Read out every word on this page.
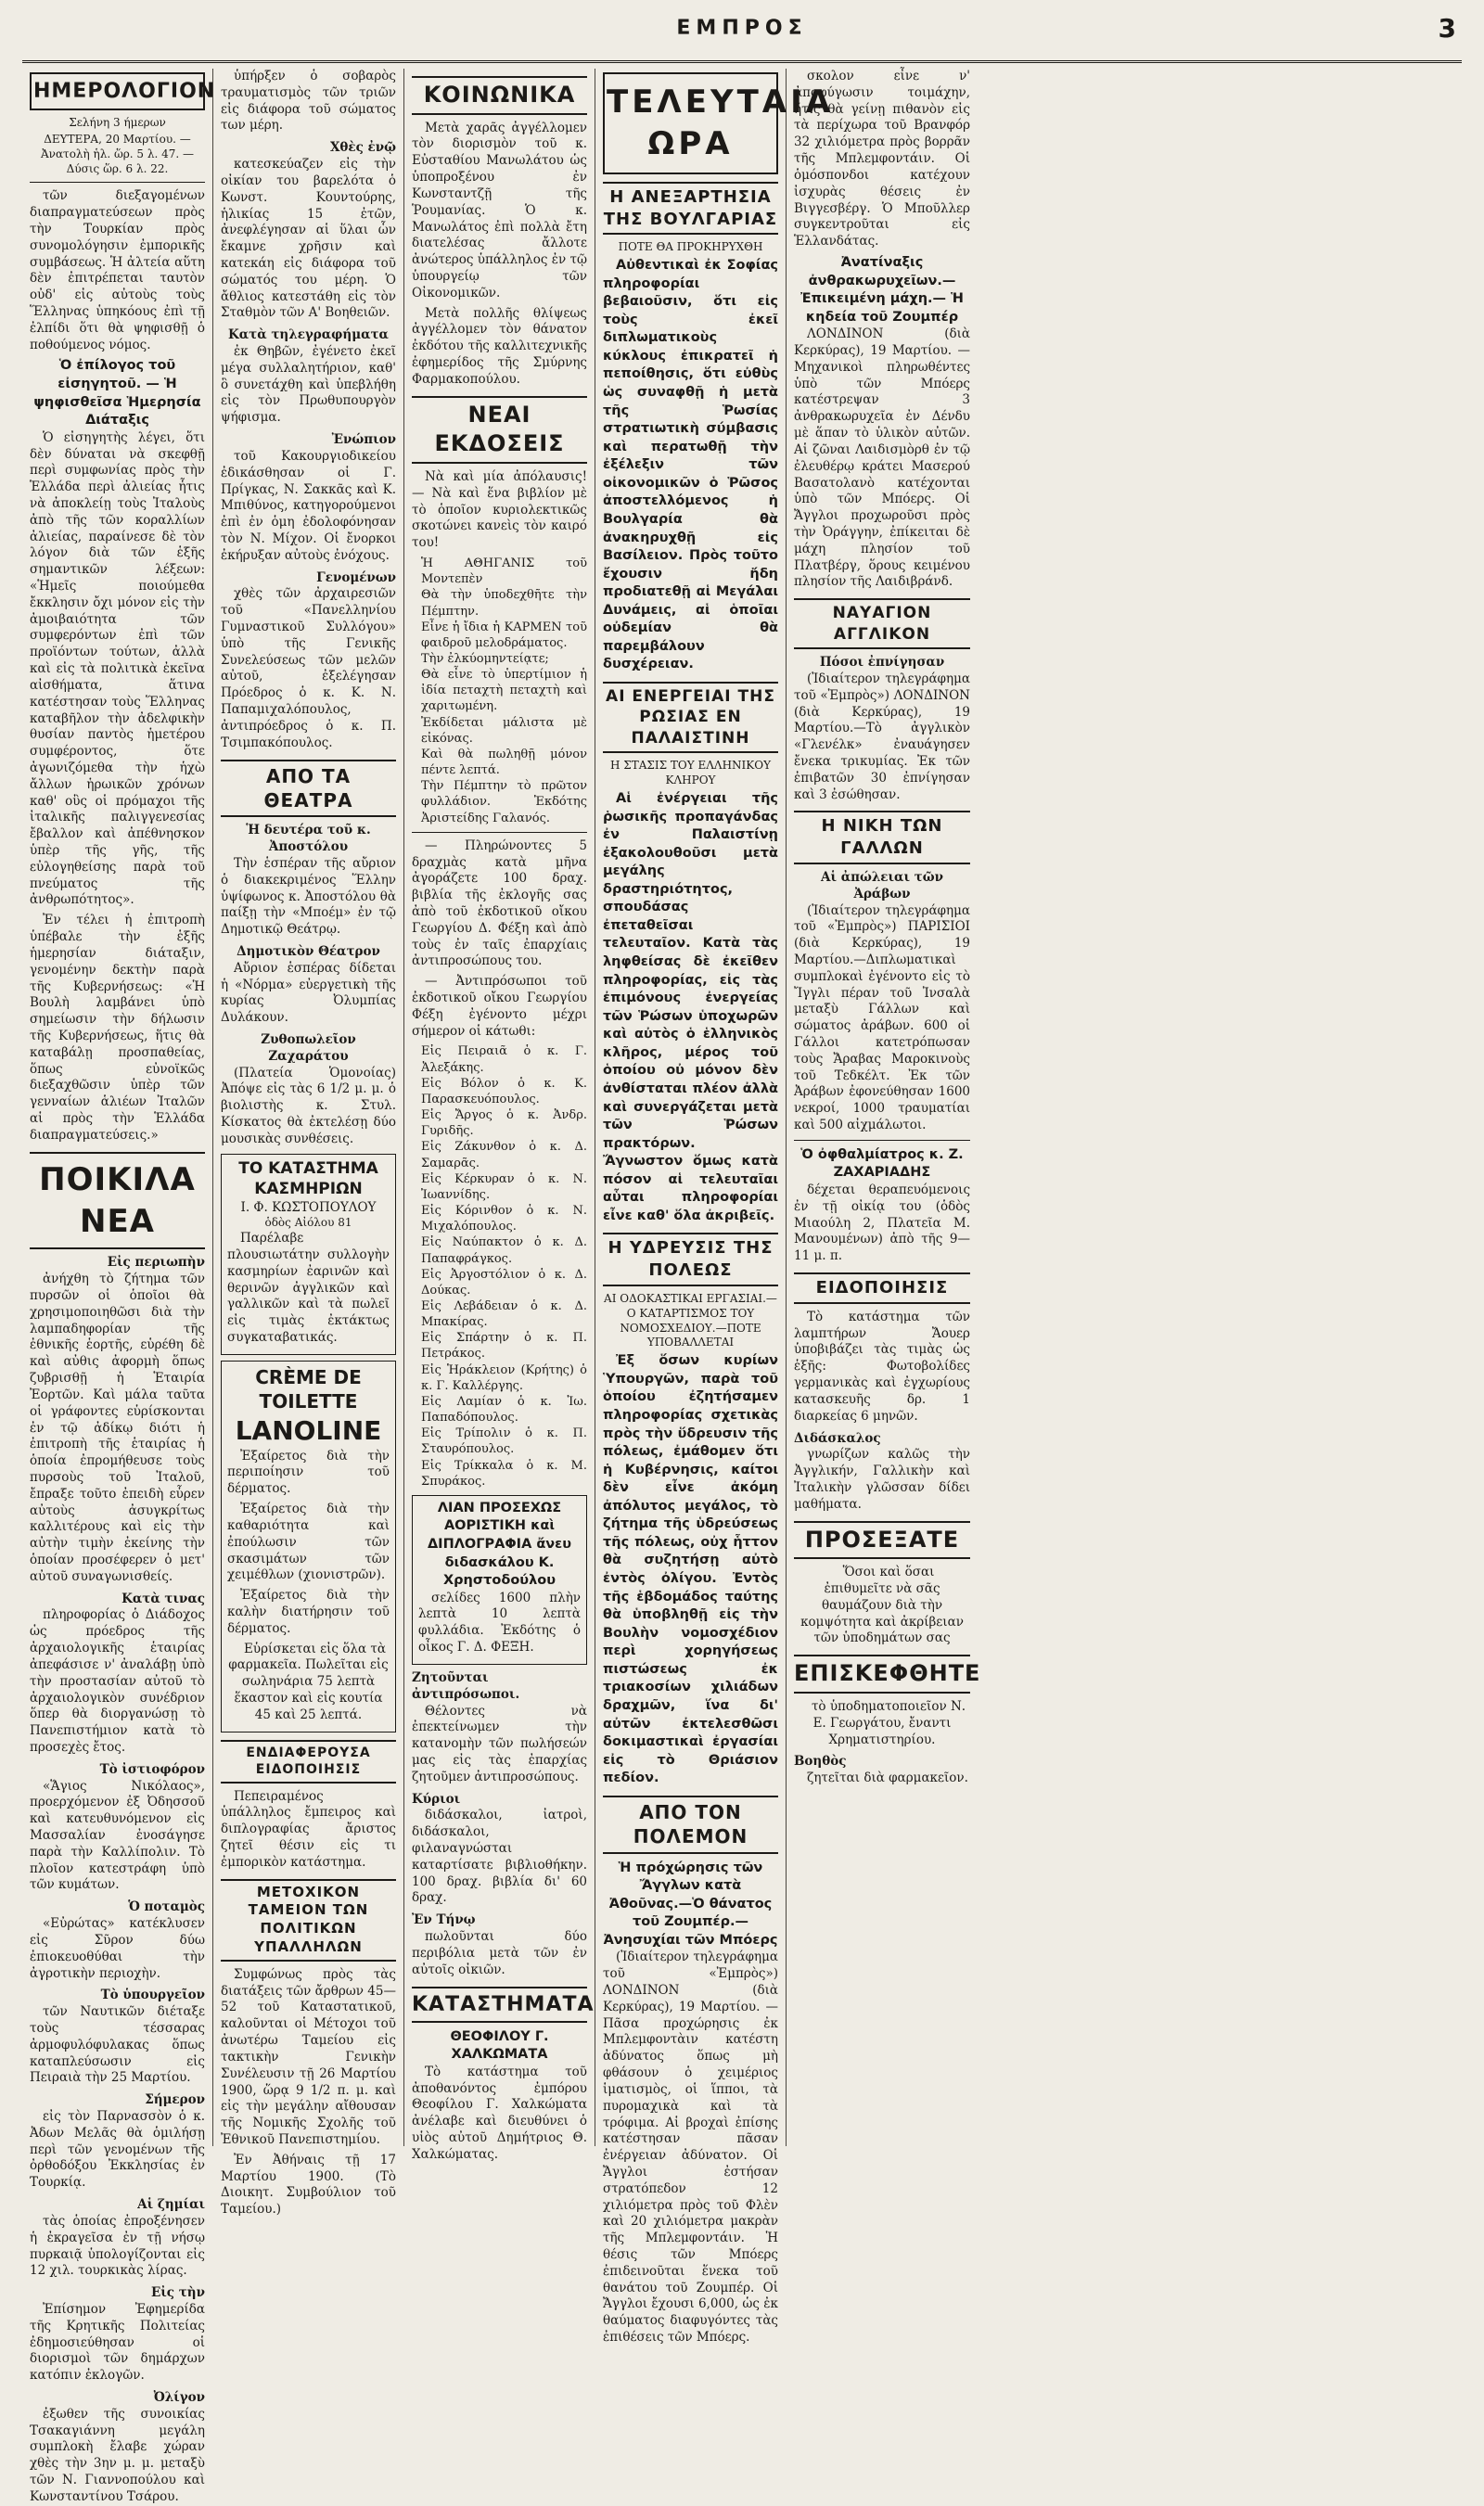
ΕΜΠΡΟΣ	3
ΗΜΕΡΟΛΟΓΙΟΝ
Σελήνη 3 ήμερων
ΔΕΥΤΕΡΑ, 20 Μαρτίου. — Ἀνατολὴ ἡλ. ὥρ. 5 λ. 47. — Δύσις ὥρ. 6 λ. 22.

τῶν διεξαγομένων διαπραγματεύσεων πρὸς τὴν Τουρκίαν πρὸς συνομολόγησιν ἐμπορικῆς συμβάσεως. Ἡ ἀλτεία αὕτη δὲν ἐπιτρέπεται ταυτὸν οὐδ' εἰς αὐτοὺς τοὺς Ἕλληνας ὑπηκόους ἐπὶ τῇ ἐλπίδι ὅτι θὰ ψηφισθῇ ὁ ποθούμενος νόμος.

Ὁ ἐπίλογος τοῦ εἰσηγητοῦ. — Ἡ ψηφισθεῖσα Ἡμερησία Διάταξις

Ὁ εἰσηγητὴς λέγει, ὅτι δὲν δύναται νὰ σκεφθῇ περὶ συμφωνίας πρὸς τὴν Ἑλλάδα περὶ ἀλιείας ἧτις νὰ ἀποκλείῃ τοὺς Ἰταλοὺς ἀπὸ τῆς τῶν κοραλλίων ἀλιείας, παραίνεσε δὲ τὸν λόγον διὰ τῶν ἑξῆς σημαντικῶν λέξεων: «Ἡμεῖς ποιούμεθα ἔκκλησιν ὄχι μόνον εἰς τὴν ἀμοιβαιότητα τῶν συμφερόντων ἐπὶ τῶν προϊόντων τούτων, ἀλλὰ καὶ εἰς τὰ πολιτικὰ ἐκεῖνα αἰσθήματα, ἅτινα κατέστησαν τοὺς Ἕλληνας καταβῆλον τὴν ἀδελφικὴν θυσίαν παντὸς ἡμετέρου συμφέροντος, ὅτε ἀγωνιζόμεθα τὴν ἡχὼ ἄλλων ἡρωικῶν χρόνων καθ' οὓς οἱ πρόμαχοι τῆς ἰταλικῆς παλιγγενεσίας ἔβαλλον καὶ ἀπέθνησκον ὑπὲρ τῆς γῆς, τῆς εὐλογηθείσης παρὰ τοῦ πνεύματος τῆς ἀνθρωπότητος».

Ἐν τέλει ἡ ἐπιτροπὴ ὑπέβαλε τὴν ἑξῆς ἡμερησίαν διάταξιν, γενομένην δεκτὴν παρὰ τῆς Κυβερνήσεως: «Ἡ Βουλὴ λαμβάνει ὑπὸ σημείωσιν τὴν δήλωσιν τῆς Κυβερνήσεως, ἥτις θὰ καταβάλῃ προσπαθείας, ὅπως εὐνοϊκῶς διεξαχθῶσιν ὑπὲρ τῶν γενναίων ἁλιέων Ἰταλῶν αἱ πρὸς τὴν Ἑλλάδα διαπραγματεύσεις.»

ΠΟΙΚΙΛΑ ΝΕΑ
Εἰς περιωπὴν

ἀνήχθη τὸ ζήτημα τῶν πυρσῶν οἱ ὁποῖοι θὰ χρησιμοποιηθῶσι διὰ τὴν λαμπαδηφορίαν τῆς ἐθνικῆς ἑορτῆς, εὑρέθη δὲ καὶ αὐθις ἀφορμὴ ὅπως ζυβρισθῇ ἡ Ἑταιρία Ἐορτῶν. Καὶ μάλα ταῦτα οἱ γράφοντες εὑρίσκονται ἐν τῷ ἀδίκῳ διότι ἡ ἐπιτροπὴ τῆς ἑταιρίας ἡ ὁποία ἐπρομήθευσε τοὺς πυρσοὺς τοῦ Ἰταλοῦ, ἔπραξε τοῦτο ἐπειδὴ εὗρεν αὐτοὺς ἀσυγκρίτως καλλιτέρους καὶ εἰς τὴν αὐτὴν τιμὴν ἐκείνης τὴν ὁποίαν προσέφερεν ὁ μετ' αὐτοῦ συναγωνισθείς.

Κατὰ τινας

πληροφορίας ὁ Διάδοχος ὡς πρόεδρος τῆς ἀρχαιολογικῆς ἑταιρίας ἀπεφάσισε ν' ἀναλάβῃ ὑπὸ τὴν προστασίαν αὐτοῦ τὸ ἀρχαιολογικὸν συνέδριον ὅπερ θὰ διοργανώσῃ τὸ Πανεπιστήμιον κατὰ τὸ προσεχὲς ἔτος.

Τὸ ἰστιοφόρον

«Ἅγιος Νικόλαος», προερχόμενον ἐξ Ὀδησσοῦ καὶ κατευθυνόμενον εἰς Μασσαλίαν ἐνοσάγησε παρὰ τὴν Καλλίπολιν. Τὸ πλοῖον κατεστράφη ὑπὸ τῶν κυμάτων.

Ὁ ποταμὸς

«Εὐρώτας» κατέκλυσεν εἰς Σῦρον δύω ἐπιοκευοθύθαι τὴν ἀγροτικὴν περιοχὴν.

Τὸ ὑπουργεῖον

τῶν Ναυτικῶν διέταξε τοὺς τέσσαρας ἀρμοφυλόφυλακας ὅπως καταπλεύσωσιν εἰς Πειραιὰ τὴν 25 Μαρτίου.

Σήμερον

εἰς τὸν Παρνασσὸν ὁ κ. Ἀδων Μελᾶς θὰ ὁμιλήσῃ περὶ τῶν γενομένων τῆς ὀρθοδόξου Ἐκκλησίας ἐν Τουρκίᾳ.

Αἱ ζημίαι

τὰς ὁποίας ἐπροξένησεν ἡ ἐκραγεῖσα ἐν τῇ νήσῳ πυρκαιᾷ ὑπολογίζονται εἰς 12 χιλ. τουρκικὰς λίρας.

Εἰς τὴν

Ἐπίσημον Ἐφημερίδα τῆς Κρητικῆς Πολιτείας ἐδημοσιεύθησαν οἱ διορισμοὶ τῶν δημάρχων κατόπιν ἐκλογῶν.

Ὀλίγον

ἐξωθεν τῆς συνοικίας Τσακαγιάννη μεγάλη συμπλοκὴ ἔλαβε χώραν χθὲς τὴν 3ην μ. μ. μεταξὺ τῶν Ν. Γιαννοπούλου καὶ Κωνσταντίνου Τσάρου.

ὑπήρξεν ὁ σοβαρὸς τραυματισμὸς τῶν τριῶν εἰς διάφορα τοῦ σώματος των μέρη.

Χθὲς ἐνῷ

κατεσκεύαζεν εἰς τὴν οἰκίαν του βαρελότα ὁ Κωνστ. Κουντούρης, ἡλικίας 15 ἐτῶν, ἀνεφλέγησαν αἱ ὕλαι ὧν ἔκαμνε χρῆσιν καὶ κατεκάη εἰς διάφορα τοῦ σώματός του μέρη. Ὁ ἄθλιος κατεστάθη εἰς τὸν Σταθμὸν τῶν Α' Βοηθειῶν.

Κατὰ τηλεγραφήματα

ἐκ Θηβῶν, ἐγένετο ἐκεῖ μέγα συλλαλητήριον, καθ' ὃ συνετάχθη καὶ ὑπεβλήθη εἰς τὸν Πρωθυπουργὸν ψήφισμα.

Ἐνώπιον

τοῦ Κακουργιοδικείου ἐδικάσθησαν οἱ Γ. Πρίγκας, Ν. Σακκᾶς καὶ Κ. Μπιθύνος, κατηγορούμενοι ἐπὶ ἐν ὁμη ἐδολοφόνησαν τὸν Ν. Μίχον. Οἱ ἔνορκοι ἐκήρυξαν αὐτοὺς ἐνόχους.

Γενομένων

χθὲς τῶν ἀρχαιρεσιῶν τοῦ «Πανελληνίου Γυμναστικοῦ Συλλόγου» ὑπὸ τῆς Γενικῆς Συνελεύσεως τῶν μελῶν αὐτοῦ, ἐξελέγησαν Πρόεδρος ὁ κ. Κ. Ν. Παπαμιχαλόπουλος, ἀντιπρόεδρος ὁ κ. Π. Τσιμπακόπουλος.

ΑΠΟ ΤΑ ΘΕΑΤΡΑ
Ἡ δευτέρα τοῦ κ. Ἀποστόλου

Τὴν ἑσπέραν τῆς αὔριον ὁ διακεκριμένος Ἕλλην ὑψίφωνος κ. Ἀποστόλου θὰ παίξῃ τὴν «Μποέμ» ἐν τῷ Δημοτικῷ Θεάτρῳ.

Δημοτικὸν Θέατρον

Αὔριον ἑσπέρας δίδεται ἡ «Νόρμα» εὐεργετικὴ τῆς κυρίας Ὀλυμπίας Δυλάκουν.

Ζυθοπωλεῖον Ζαχαράτου

(Πλατεία Ὁμονοίας) Ἀπόψε εἰς τὰς 6 1/2 μ. μ. ὁ βιολιστὴς κ. Στυλ. Κίσκατος θὰ ἐκτελέσῃ δύο μουσικὰς συνθέσεις.

ΤΟ ΚΑΤΑΣΤΗΜΑ ΚΑΣΜΗΡΙΩΝ
Ι. Φ. ΚΩΣΤΟΠΟΥΛΟΥ
ὁδὸς Αἰόλου 81

Παρέλαβε πλουσιωτάτην συλλογὴν κασμηρίων ἐαρινῶν καὶ θερινῶν ἀγγλικῶν καὶ γαλλικῶν καὶ τὰ πωλεῖ εἰς τιμὰς ἐκτάκτως συγκαταβατικάς.

CRÈME DE TOILETTE
LANOLINE

Ἐξαίρετος διὰ τὴν περιποίησιν τοῦ δέρματος.

Ἐξαίρετος διὰ τὴν καθαριότητα καὶ ἐπούλωσιν τῶν σκασιμάτων τῶν χειμέθλων (χιονιστρῶν).

Ἐξαίρετος διὰ τὴν καλὴν διατήρησιν τοῦ δέρματος.

Εὑρίσκεται εἰς ὅλα τὰ φαρμακεῖα. Πωλεῖται εἰς σωληνάρια 75 λεπτὰ ἕκαστον καὶ εἰς κουτία 45 καὶ 25 λεπτά.

ΕΝΔΙΑΦΕΡΟΥΣΑ ΕΙΔΟΠΟΙΗΣΙΣ

Πεπειραμένος ὑπάλληλος ἔμπειρος καὶ διπλογραφίας ἄριστος ζητεῖ θέσιν εἰς τι ἐμπορικὸν κατάστημα.

ΜΕΤΟΧΙΚΟΝ ΤΑΜΕΙΟΝ ΤΩΝ ΠΟΛΙΤΙΚΩΝ ΥΠΑΛΛΗΛΩΝ

Συμφώνως πρὸς τὰς διατάξεις τῶν ἄρθρων 45—52 τοῦ Καταστατικοῦ, καλοῦνται οἱ Μέτοχοι τοῦ ἀνωτέρω Ταμείου εἰς τακτικὴν Γενικὴν Συνέλευσιν τῇ 26 Μαρτίου 1900, ὥρᾳ 9 1/2 π. μ. καὶ εἰς τὴν μεγάλην αἴθουσαν τῆς Νομικῆς Σχολῆς τοῦ Ἐθνικοῦ Πανεπιστημίου.

Ἐν Ἀθήναις τῇ 17 Μαρτίου 1900. (Τὸ Διοικητ. Συμβούλιον τοῦ Ταμείου.)

ΚΟΙΝΩΝΙΚΑ

Μετὰ χαρᾶς ἀγγέλλομεν τὸν διορισμὸν τοῦ κ. Εὐσταθίου Μανωλάτου ὡς ὑποπροξένου ἐν Κωνσταντζῇ τῆς Ῥουμανίας. Ὁ κ. Μανωλάτος ἐπὶ πολλὰ ἔτη διατελέσας ἄλλοτε ἀνώτερος ὑπάλληλος ἐν τῷ ὑπουργείῳ τῶν Οἰκονομικῶν.

Μετὰ πολλῆς θλίψεως ἀγγέλλομεν τὸν θάνατον ἐκδότου τῆς καλλιτεχνικῆς ἐφημερίδος τῆς Σμύρνης Φαρμακοπούλου.

ΝΕΑΙ ΕΚΔΟΣΕΙΣ

Νὰ καὶ μία ἀπόλαυσις! — Νὰ καὶ ἕνα βιβλίον μὲ τὸ ὁποῖον κυριολεκτικῶς σκοτώνει κανεὶς τὸν καιρό του!

Ἡ ΑΘΗΓΑΝΙΣ τοῦ Μοντεπὲν
Θὰ τὴν ὑποδεχθῆτε τὴν Πέμπτην.
Εἶνε ἡ ἴδια ἡ ΚΑΡΜΕΝ τοῦ φαιδροῦ μελοδράματος.
Τὴν ἐλκύομηντείᾳτε;
Θὰ εἶνε τὸ ὑπερτίμιον ἡ ἰδία πεταχτὴ πεταχτὴ καὶ χαριτωμένη.
Ἐκδίδεται μάλιστα μὲ εἰκόνας.
Καὶ θὰ πωληθῇ μόνον πέντε λεπτά.
Τὴν Πέμπτην τὸ πρῶτον φυλλάδιον. Ἐκδότης Ἀριστείδης Γαλανός.

— Πληρώνοντες 5 δραχμὰς κατὰ μῆνα ἀγοράζετε 100 δραχ. βιβλία τῆς ἐκλογῆς σας ἀπὸ τοῦ ἐκδοτικοῦ οἴκου Γεωργίου Δ. Φέξη καὶ ἀπὸ τοὺς ἐν ταῖς ἐπαρχίαις ἀντιπροσώπους του.

— Ἀντιπρόσωποι τοῦ ἐκδοτικοῦ οἴκου Γεωργίου Φέξη ἐγένοντο μέχρι σήμερον οἱ κάτωθι:

Εἰς Πειραιᾶ ὁ κ. Γ. Ἀλεξάκης.
Εἰς Βόλον ὁ κ. Κ. Παρασκευόπουλος.
Εἰς Ἄργος ὁ κ. Ἀνδρ. Γυριδῆς.
Εἰς Ζάκυνθον ὁ κ. Δ. Σαμαρᾶς.
Εἰς Κέρκυραν ὁ κ. Ν. Ἰωαννίδης.
Εἰς Κόρινθον ὁ κ. Ν. Μιχαλόπουλος.
Εἰς Ναύπακτον ὁ κ. Δ. Παπαφράγκος.
Εἰς Ἀργοστόλιον ὁ κ. Δ. Δούκας.
Εἰς Λεβάδειαν ὁ κ. Δ. Μπακίρας.
Εἰς Σπάρτην ὁ κ. Π. Πετράκος.
Εἰς Ἡράκλειον (Κρήτης) ὁ κ. Γ. Καλλέργης.
Εἰς Λαμίαν ὁ κ. Ἰω. Παπαδόπουλος.
Εἰς Τρίπολιν ὁ κ. Π. Σταυρόπουλος.
Εἰς Τρίκκαλα ὁ κ. Μ. Σπυράκος.
ΛΙΑΝ ΠΡΟΣΕΧΩΣ ΑΟΡΙΣΤΙΚΗ καὶ ΔΙΠΛΟΓΡΑΦΙΑ ἄνευ διδασκάλου Κ. Χρηστοδούλου

σελίδες 1600 πλὴν λεπτὰ 10 λεπτὰ φυλλάδια. Ἐκδότης ὁ οἶκος Γ. Δ. ΦΕΞΗ.

Ζητοῦνται ἀντιπρόσωποι.

Θέλοντες νὰ ἐπεκτείνωμεν τὴν κατανομὴν τῶν πωλήσεών μας εἰς τὰς ἐπαρχίας ζητοῦμεν ἀντιπροσώπους.

Κύριοι

διδάσκαλοι, ἰατροὶ, διδάσκαλοι, φιλαναγνώσται καταρτίσατε βιβλιοθήκην. 100 δραχ. βιβλία δι' 60 δραχ.

Ἐν Τήνῳ

πωλοῦνται δύο περιβόλια μετὰ τῶν ἐν αὐτοῖς οἰκιῶν.

ΚΑΤΑΣΤΗΜΑΤΑ
ΘΕΟΦΙΛΟΥ Γ. ΧΑΛΚΩΜΑΤΑ

Τὸ κατάστημα τοῦ ἀποθανόντος ἐμπόρου Θεοφίλου Γ. Χαλκώματα ἀνέλαβε καὶ διευθύνει ὁ υἱὸς αὐτοῦ Δημήτριος Θ. Χαλκώματας.

ΤΕΛΕΥΤΑΙΑ ΩΡΑ
Η ΑΝΕΞΑΡΤΗΣΙΑ ΤΗΣ ΒΟΥΛΓΑΡΙΑΣ
ΠΟΤΕ ΘΑ ΠΡΟΚΗΡΥΧΘΗ

Αὐθεντικαὶ ἐκ Σοφίας πληροφορίαι βεβαιοῦσιν, ὅτι εἰς τοὺς ἐκεῖ διπλωματικοὺς κύκλους ἐπικρατεῖ ἡ πεποίθησις, ὅτι εὐθὺς ὡς συναφθῇ ἡ μετὰ τῆς Ῥωσίας στρατιωτικὴ σύμβασις καὶ περατωθῇ τὴν ἐξέλεξιν τῶν οἰκονομικῶν ὁ Ῥῶσος ἀποστελλόμενος ἡ Βουλγαρία θὰ ἀνακηρυχθῇ εἰς Βασίλειον. Πρὸς τοῦτο ἔχουσιν ἤδη προδιατεθῇ αἱ Μεγάλαι Δυνάμεις, αἱ ὁποῖαι οὐδεμίαν θὰ παρεμβάλουν δυσχέρειαν.

ΑΙ ΕΝΕΡΓΕΙΑΙ ΤΗΣ ΡΩΣΙΑΣ ΕΝ ΠΑΛΑΙΣΤΙΝΗ
Η ΣΤΑΣΙΣ ΤΟΥ ΕΛΛΗΝΙΚΟΥ ΚΛΗΡΟΥ

Αἱ ἐνέργειαι τῆς ῥωσικῆς προπαγάνδας ἐν Παλαιστίνῃ ἐξακολουθοῦσι μετὰ μεγάλης δραστηριότητος, σπουδάσας ἐπεταθεῖσαι τελευταῖον. Κατὰ τὰς ληφθείσας δὲ ἐκεῖθεν πληροφορίας, εἰς τὰς ἐπιμόνους ἐνεργείας τῶν Ῥώσων ὑποχωρῶν καὶ αὐτὸς ὁ ἑλληνικὸς κλῆρος, μέρος τοῦ ὁποίου οὐ μόνον δὲν ἀνθίσταται πλέον ἀλλὰ καὶ συνεργάζεται μετὰ τῶν Ῥώσων πρακτόρων. Ἄγνωστον ὅμως κατὰ πόσον αἱ τελευταῖαι αὗται πληροφορίαι εἶνε καθ' ὅλα ἀκριβεῖς.

Η ΥΔΡΕΥΣΙΣ ΤΗΣ ΠΟΛΕΩΣ
ΑΙ ΟΔΟΚΑΣΤΙΚΑΙ ΕΡΓΑΣΙΑΙ.—Ο ΚΑΤΑΡΤΙΣΜΟΣ ΤΟΥ ΝΟΜΟΣΧΕΔΙΟΥ.—ΠΟΤΕ ΥΠΟΒΑΛΛΕΤΑΙ

Ἐξ ὅσων κυρίων Ὑπουργῶν, παρὰ τοῦ ὁποίου ἐζητήσαμεν πληροφορίας σχετικὰς πρὸς τὴν ὕδρευσιν τῆς πόλεως, ἐμάθομεν ὅτι ἡ Κυβέρνησις, καίτοι δὲν εἶνε ἀκόμη ἀπόλυτος μεγάλος, τὸ ζήτημα τῆς ὑδρεύσεως τῆς πόλεως, οὐχ ἧττον θὰ συζητήσῃ αὐτὸ ἐντὸς ὀλίγου. Ἐντὸς τῆς ἑβδομάδος ταύτης θὰ ὑποβληθῇ εἰς τὴν Βουλὴν νομοσχέδιον περὶ χορηγήσεως πιστώσεως ἐκ τριακοσίων χιλιάδων δραχμῶν, ἵνα δι' αὐτῶν ἐκτελεσθῶσι δοκιμαστικαὶ ἐργασίαι εἰς τὸ Θριάσιον πεδίον.

ΑΠΟ ΤΟΝ ΠΟΛΕΜΟΝ
Ἡ πρόχώρησις τῶν Ἄγγλων κατὰ Ἀθοῦνας.—Ὁ θάνατος τοῦ Ζουμπέρ.—Ἀνησυχίαι τῶν Μπόερς

(Ἰδιαίτερον τηλεγράφημα τοῦ «Ἐμπρὸς») ΛΟΝΔΙΝΟΝ (διὰ Κερκύρας), 19 Μαρτίου. — Πᾶσα προχώρησις ἐκ Μπλεμφοντὰιν κατέστη ἀδύνατος ὅπως μὴ φθάσουν ὁ χειμέριος ἱματισμὸς, οἱ ἵπποι, τὰ πυρομαχικὰ καὶ τὰ τρόφιμα. Αἱ βροχαὶ ἐπίσης κατέστησαν πᾶσαν ἐνέργειαν ἀδύνατον. Οἱ Ἄγγλοι ἐστήσαν στρατόπεδον 12 χιλιόμετρα πρὸς τοῦ Φλὲν καὶ 20 χιλιόμετρα μακρὰν τῆς Μπλεμφοντάιν. Ἡ θέσις τῶν Μπόερς ἐπιδεινοῦται ἕνεκα τοῦ θανάτου τοῦ Ζουμπέρ. Οἱ Ἄγγλοι ἔχουσι 6,000, ὡς ἐκ θαύματος διαφυγόντες τὰς ἐπιθέσεις τῶν Μπόερς.

σκολον εἶνε ν' ἀποφύγωσιν τοιμάχην, ἥτις θὰ γείνῃ πιθανὸν εἰς τὰ περίχωρα τοῦ Βρανφόρ 32 χιλιόμετρα πρὸς βορρᾶν τῆς Μπλεμφοντάιν. Οἱ ὁμόσπονδοι κατέχουν ἰσχυρὰς θέσεις ἐν Βιγγεσβέργ. Ὁ Μποῦλλερ συγκεντροῦται εἰς Ἑλλανδάτας.

Ἀνατίναξις ἀνθρακωρυχεῖων.— Ἐπικειμένη μάχη.— Ἡ κηδεία τοῦ Ζουμπέρ

ΛΟΝΔΙΝΟΝ (διὰ Κερκύρας), 19 Μαρτίου. — Μηχανικοὶ πληρωθέντες ὑπὸ τῶν Μπόερς κατέστρεψαν 3 ἀνθρακωρυχεῖα ἐν Δένδυ μὲ ἅπαν τὸ ὑλικὸν αὐτῶν. Αἱ ζῶναι Λαιδισμὸρθ ἐν τῷ ἐλευθέρῳ κράτει Μασερού Βασατολανὸ κατέχονται ὑπὸ τῶν Μπόερς. Οἱ Ἄγγλοι προχωροῦσι πρὸς τὴν Ὀράγγην, ἐπίκειται δὲ μάχη πλησίον τοῦ Πλατβέργ, ὅρους κειμένου πλησίον τῆς Λαιδιβράνδ.

ΝΑΥΑΓΙΟΝ ΑΓΓΛΙΚΟΝ
Πόσοι ἐπνίγησαν

(Ἰδιαίτερον τηλεγράφημα τοῦ «Ἐμπρὸς») ΛΟΝΔΙΝΟΝ (διὰ Κερκύρας), 19 Μαρτίου.—Τὸ ἀγγλικὸν «Γλενέλκ» ἐναυάγησεν ἔνεκα τρικυμίας. Ἐκ τῶν ἐπιβατῶν 30 ἐπνίγησαν καὶ 3 ἐσώθησαν.

Η ΝΙΚΗ ΤΩΝ ΓΑΛΛΩΝ
Αἱ ἀπώλειαι τῶν Ἀράβων

(Ἰδιαίτερον τηλεγράφημα τοῦ «Ἐμπρὸς») ΠΑΡΙΣΙΟΙ (διὰ Κερκύρας), 19 Μαρτίου.—Διπλωματικαὶ συμπλοκαὶ ἐγένοντο εἰς τὸ Ἴγγλι πέραν τοῦ Ἰνσαλὰ μεταξὺ Γάλλων καὶ σώματος ἀράβων. 600 οἱ Γάλλοι κατετρόπωσαν τοὺς Ἄραβας Μαροκινοὺς τοῦ Τεδκέλτ. Ἐκ τῶν Ἀράβων ἐφονεύθησαν 1600 νεκροί, 1000 τραυματίαι καὶ 500 αἰχμάλωτοι.

Ὁ ὀφθαλμίατρος κ. Ζ. ΖΑΧΑΡΙΑΔΗΣ

δέχεται θεραπευόμενοις ἐν τῇ οἰκίᾳ του (ὁδὸς Μιαούλη 2, Πλατεῖα Μ. Μανουμένων) ἀπὸ τῆς 9—11 μ. π.

ΕΙΔΟΠΟΙΗΣΙΣ

Τὸ κατάστημα τῶν λαμπτήρων Ἄουερ ὑποβιβάζει τὰς τιμὰς ὡς ἑξῆς: Φωτοβολίδες γερμανικὰς καὶ ἐγχωρίους κατασκευῆς δρ. 1 διαρκείας 6 μηνῶν.

Διδάσκαλος

γνωρίζων καλῶς τὴν Ἀγγλικήν, Γαλλικὴν καὶ Ἰταλικὴν γλῶσσαν δίδει μαθήματα.

ΠΡΟΣΕΞΑΤΕ

Ὅσοι καὶ ὅσαι ἐπιθυμεῖτε νὰ σᾶς θαυμάζουν διὰ τὴν κομψότητα καὶ ἀκρίβειαν τῶν ὑποδημάτων σας

ΕΠΙΣΚΕΦΘΗΤΕ

τὸ ὑποδηματοποιεῖον Ν. Ε. Γεωργάτου, ἔναντι Χρηματιστηρίου.

Βοηθὸς

ζητεῖται διὰ φαρμακεῖον.
